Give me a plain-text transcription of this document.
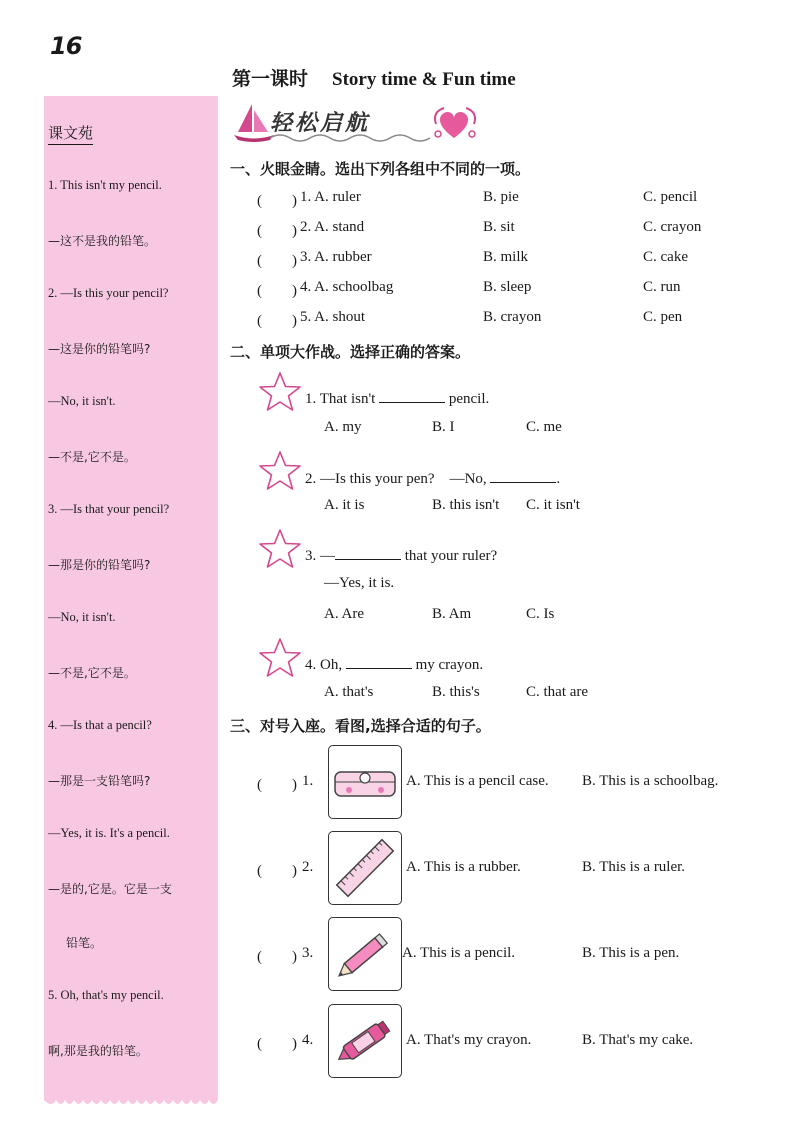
16
第一课时 Story time & Fun time
课文苑
1. This isn't my pencil.
—这不是我的铅笔。
2. —Is this your pencil?
—这是你的铅笔吗?
—No, it isn't.
—不是,它不是。
3. —Is that your pencil?
—那是你的铅笔吗?
—No, it isn't.
—不是,它不是。
4. —Is that a pencil?
—那是一支铅笔吗?
—Yes, it is. It's a pencil.
—是的,它是。它是一支
铅笔。
5. Oh, that's my pencil.
啊,那是我的铅笔。
轻松启航
一、火眼金睛。选出下列各组中不同的一项。
(　　) 1. A. ruler	B. pie	C. pencil
(　　) 2. A. stand	B. sit	C. crayon
(　　) 3. A. rubber	B. milk	C. cake
(　　) 4. A. schoolbag	B. sleep	C. run
(　　) 5. A. shout	B. crayon	C. pen
二、单项大作战。选择正确的答案。
1. That isn't	pencil.
A. my	B. I	C. me
2. —Is this your pen?　—No,	.
A. it is	B. this isn't C. it isn't
3. —	that your ruler?
—Yes, it is.
A. Are	B. Am	C. Is
4. Oh,	my crayon.
A. that's	B. this's	C. that are
三、对号入座。看图,选择合适的句子。
(　　) 1.	A. This is a pencil case. B. This is a schoolbag.
(　　) 2.	A. This is a rubber.	B. This is a ruler.
(　　) 3.	A. This is a pencil.	B. This is a pen.
(　　) 4.	A. That's my crayon.	B. That's my cake.
